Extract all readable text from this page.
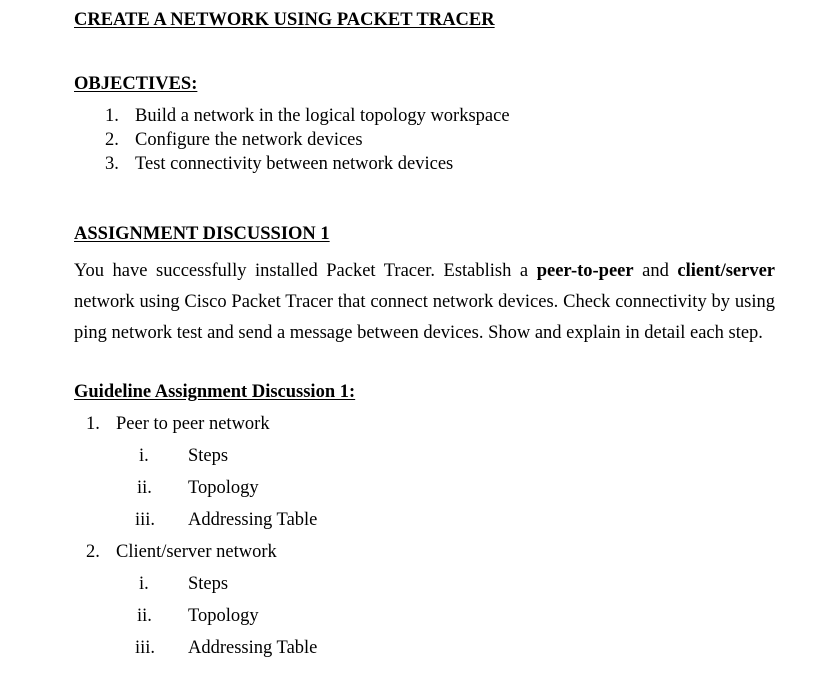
CREATE A NETWORK USING PACKET TRACER
OBJECTIVES:
1. Build a network in the logical topology workspace
2. Configure the network devices
3. Test connectivity between network devices
ASSIGNMENT DISCUSSION 1
You have successfully installed Packet Tracer. Establish a peer-to-peer and client/server network using Cisco Packet Tracer that connect network devices. Check connectivity by using ping network test and send a message between devices. Show and explain in detail each step.
Guideline Assignment Discussion 1:
1. Peer to peer network
i. Steps
ii. Topology
iii. Addressing Table
2. Client/server network
i. Steps
ii. Topology
iii. Addressing Table
